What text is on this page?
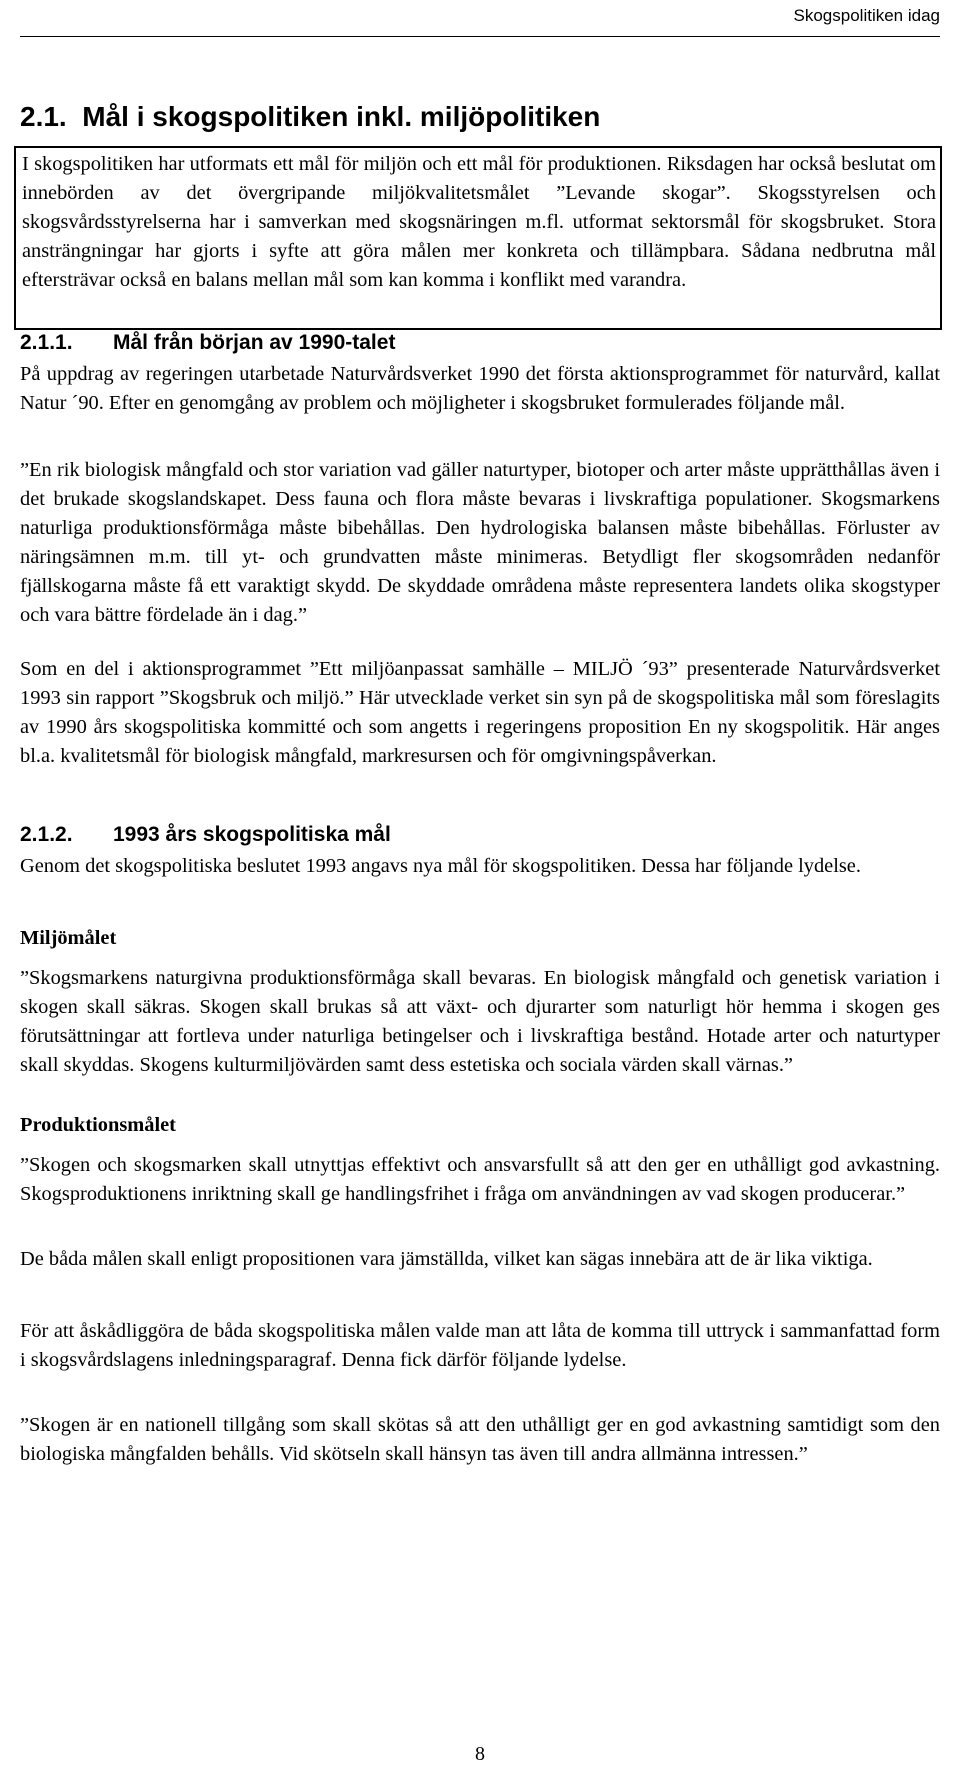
Skogspolitiken idag
2.1. Mål i skogspolitiken inkl. miljöpolitiken

I skogspolitiken har utformats ett mål för miljön och ett mål för produktionen. Riksdagen har också beslutat om innebörden av det övergripande miljökvalitetsmålet ”Levande skogar”. Skogsstyrelsen och skogsvårdsstyrelserna har i samverkan med skogsnäringen m.fl. utformat sektorsmål för skogsbruket. Stora ansträngningar har gjorts i syfte att göra målen mer konkreta och tillämpbara. Sådana nedbrutna mål eftersträvar också en balans mellan mål som kan komma i konflikt med varandra.

2.1.1. Mål från början av 1990-talet

På uppdrag av regeringen utarbetade Naturvårdsverket 1990 det första aktionsprogrammet för naturvård, kallat Natur ´90. Efter en genomgång av problem och möjligheter i skogsbruket formulerades följande mål.

”En rik biologisk mångfald och stor variation vad gäller naturtyper, biotoper och arter måste upprätthållas även i det brukade skogslandskapet. Dess fauna och flora måste bevaras i livskraftiga populationer. Skogsmarkens naturliga produktionsförmåga måste bibehållas. Den hydrologiska balansen måste bibehållas. Förluster av näringsämnen m.m. till yt- och grundvatten måste minimeras. Betydligt fler skogsområden nedanför fjällskogarna måste få ett varaktigt skydd. De skyddade områdena måste representera landets olika skogstyper och vara bättre fördelade än i dag.”

Som en del i aktionsprogrammet ”Ett miljöanpassat samhälle – MILJÖ ´93” presenterade Naturvårdsverket 1993 sin rapport ”Skogsbruk och miljö.” Här utvecklade verket sin syn på de skogspolitiska mål som föreslagits av 1990 års skogspolitiska kommitté och som angetts i regeringens proposition En ny skogspolitik. Här anges bl.a. kvalitetsmål för biologisk mångfald, markresursen och för omgivningspåverkan.

2.1.2. 1993 års skogspolitiska mål

Genom det skogspolitiska beslutet 1993 angavs nya mål för skogspolitiken. Dessa har följande lydelse.

Miljömålet

”Skogsmarkens naturgivna produktionsförmåga skall bevaras. En biologisk mångfald och genetisk variation i skogen skall säkras. Skogen skall brukas så att växt- och djurarter som naturligt hör hemma i skogen ges förutsättningar att fortleva under naturliga betingelser och i livskraftiga bestånd. Hotade arter och naturtyper skall skyddas. Skogens kulturmiljövärden samt dess estetiska och sociala värden skall värnas.”

Produktionsmålet

”Skogen och skogsmarken skall utnyttjas effektivt och ansvarsfullt så att den ger en uthålligt god avkastning. Skogsproduktionens inriktning skall ge handlingsfrihet i fråga om användningen av vad skogen producerar.”

De båda målen skall enligt propositionen vara jämställda, vilket kan sägas innebära att de är lika viktiga.

För att åskådliggöra de båda skogspolitiska målen valde man att låta de komma till uttryck i sammanfattad form i skogsvårdslagens inledningsparagraf. Denna fick därför följande lydelse.

”Skogen är en nationell tillgång som skall skötas så att den uthålligt ger en god avkastning samtidigt som den biologiska mångfalden behålls. Vid skötseln skall hänsyn tas även till andra allmänna intressen.”

8
